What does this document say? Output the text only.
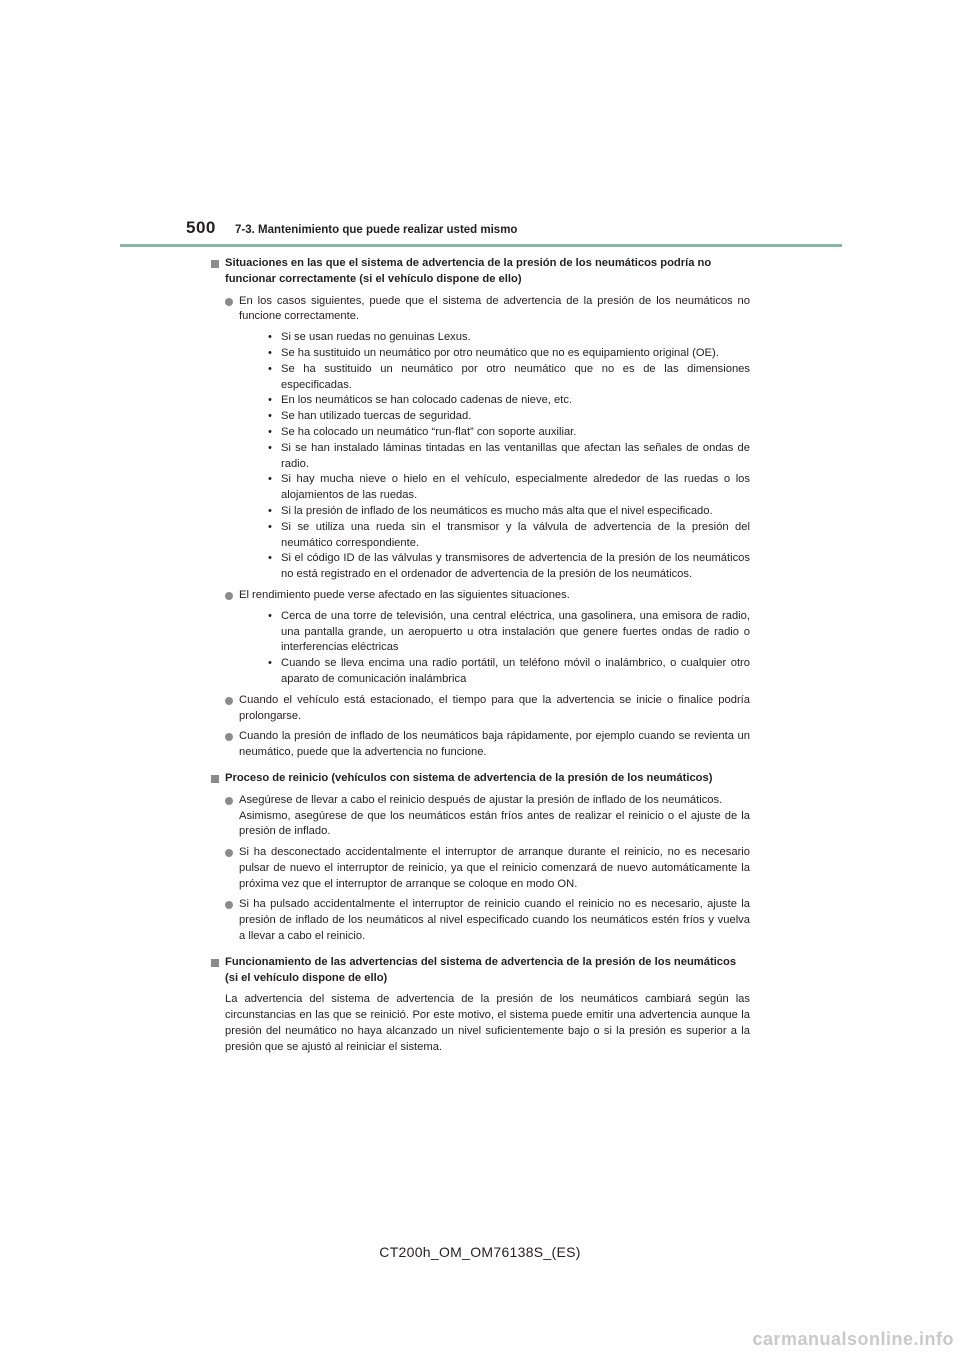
500 7-3. Mantenimiento que puede realizar usted mismo
Situaciones en las que el sistema de advertencia de la presión de los neumáticos podría no funcionar correctamente (si el vehículo dispone de ello)
En los casos siguientes, puede que el sistema de advertencia de la presión de los neumáticos no funcione correctamente.
• Si se usan ruedas no genuinas Lexus.
• Se ha sustituido un neumático por otro neumático que no es equipamiento original (OE).
• Se ha sustituido un neumático por otro neumático que no es de las dimensiones especificadas.
• En los neumáticos se han colocado cadenas de nieve, etc.
• Se han utilizado tuercas de seguridad.
• Se ha colocado un neumático “run-flat” con soporte auxiliar.
• Si se han instalado láminas tintadas en las ventanillas que afectan las señales de ondas de radio.
• Si hay mucha nieve o hielo en el vehículo, especialmente alrededor de las ruedas o los alojamientos de las ruedas.
• Si la presión de inflado de los neumáticos es mucho más alta que el nivel especificado.
• Si se utiliza una rueda sin el transmisor y la válvula de advertencia de la presión del neumático correspondiente.
• Si el código ID de las válvulas y transmisores de advertencia de la presión de los neumáticos no está registrado en el ordenador de advertencia de la presión de los neumáticos.
El rendimiento puede verse afectado en las siguientes situaciones.
• Cerca de una torre de televisión, una central eléctrica, una gasolinera, una emisora de radio, una pantalla grande, un aeropuerto u otra instalación que genere fuertes ondas de radio o interferencias eléctricas
• Cuando se lleva encima una radio portátil, un teléfono móvil o inalámbrico, o cualquier otro aparato de comunicación inalámbrica
Cuando el vehículo está estacionado, el tiempo para que la advertencia se inicie o finalice podría prolongarse.
Cuando la presión de inflado de los neumáticos baja rápidamente, por ejemplo cuando se revienta un neumático, puede que la advertencia no funcione.
Proceso de reinicio (vehículos con sistema de advertencia de la presión de los neumáticos)
Asegúrese de llevar a cabo el reinicio después de ajustar la presión de inflado de los neumáticos.
Asimismo, asegúrese de que los neumáticos están fríos antes de realizar el reinicio o el ajuste de la presión de inflado.
Si ha desconectado accidentalmente el interruptor de arranque durante el reinicio, no es necesario pulsar de nuevo el interruptor de reinicio, ya que el reinicio comenzará de nuevo automáticamente la próxima vez que el interruptor de arranque se coloque en modo ON.
Si ha pulsado accidentalmente el interruptor de reinicio cuando el reinicio no es necesario, ajuste la presión de inflado de los neumáticos al nivel especificado cuando los neumáticos estén fríos y vuelva a llevar a cabo el reinicio.
Funcionamiento de las advertencias del sistema de advertencia de la presión de los neumáticos (si el vehículo dispone de ello)
La advertencia del sistema de advertencia de la presión de los neumáticos cambiará según las circunstancias en las que se reinició. Por este motivo, el sistema puede emitir una advertencia aunque la presión del neumático no haya alcanzado un nivel suficientemente bajo o si la presión es superior a la presión que se ajustó al reiniciar el sistema.
CT200h_OM_OM76138S_(ES)
carmanualsonline.info
